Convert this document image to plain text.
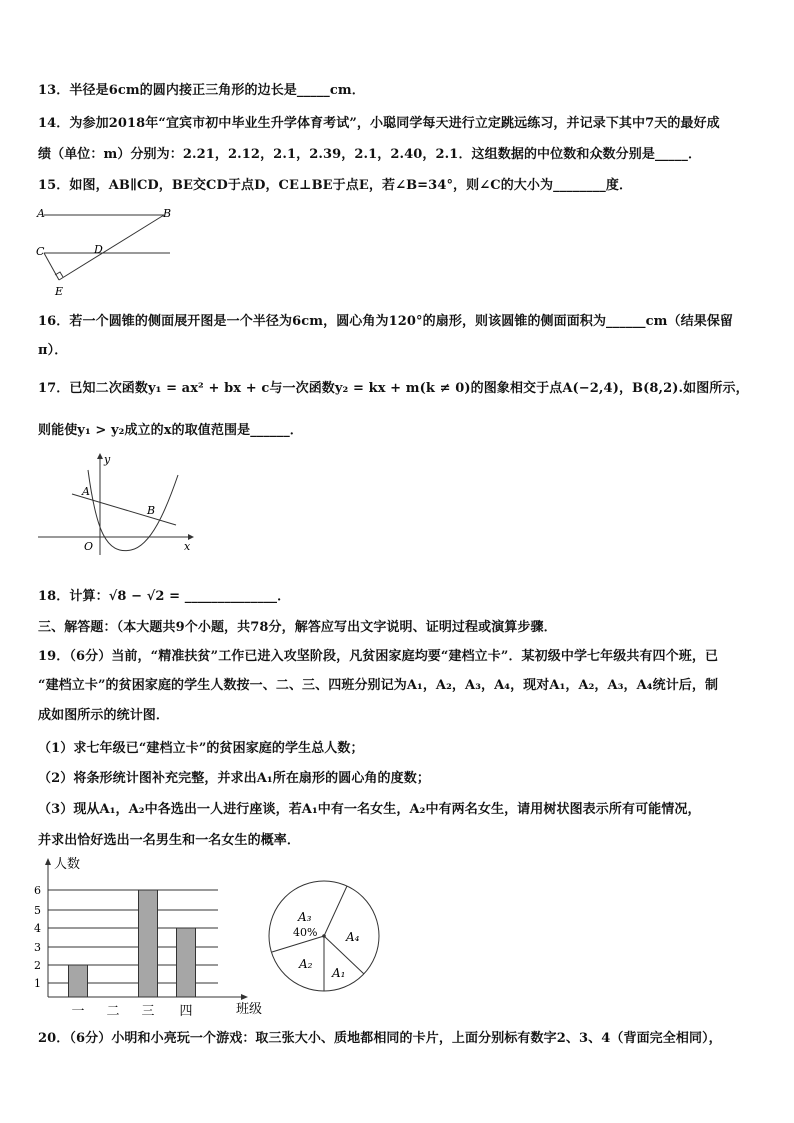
13．半径是6cm的圆内接正三角形的边长是_____cm．
14．为参加2018年“宜宾市初中毕业生升学体育考试”，小聪同学每天进行立定跳远练习，并记录下其中7天的最好成
绩（单位：m）分别为：2.21，2.12，2.1，2.39，2.1，2.40，2.1．这组数据的中位数和众数分别是_____．
15．如图，AB∥CD，BE交CD于点D，CE⊥BE于点E，若∠B=34°，则∠C的大小为________度．
A	B
C	D
E
16．若一个圆锥的侧面展开图是一个半径为6cm，圆心角为120°的扇形，则该圆锥的侧面面积为______cm（结果保留
π）．
17．已知二次函数y₁ = ax² + bx + c与一次函数y₂ = kx + m(k ≠ 0)的图象相交于点A(−2,4)，B(8,2).如图所示，
则能使y₁ > y₂成立的x的取值范围是______．
y
x
O
A
B
18．计算：√8 − √2 = ______________．
三、解答题：（本大题共9个小题，共78分，解答应写出文字说明、证明过程或演算步骤．
19．（6分）当前，“精准扶贫”工作已进入攻坚阶段，凡贫困家庭均要“建档立卡”．某初级中学七年级共有四个班，已
“建档立卡”的贫困家庭的学生人数按一、二、三、四班分别记为A₁，A₂，A₃，A₄，现对A₁，A₂，A₃，A₄统计后，制
成如图所示的统计图．
（1）求七年级已“建档立卡”的贫困家庭的学生总人数；
（2）将条形统计图补充完整，并求出A₁所在扇形的圆心角的度数；
（3）现从A₁，A₂中各选出一人进行座谈，若A₁中有一名女生，A₂中有两名女生，请用树状图表示所有可能情况，
并求出恰好选出一名男生和一名女生的概率．
人数
班级
1
2
3
4
5
6
一 二 三 四
A₃
40% A₄
A₁
A₂
20．（6分）小明和小亮玩一个游戏：取三张大小、质地都相同的卡片，上面分别标有数字2、3、4（背面完全相同），
